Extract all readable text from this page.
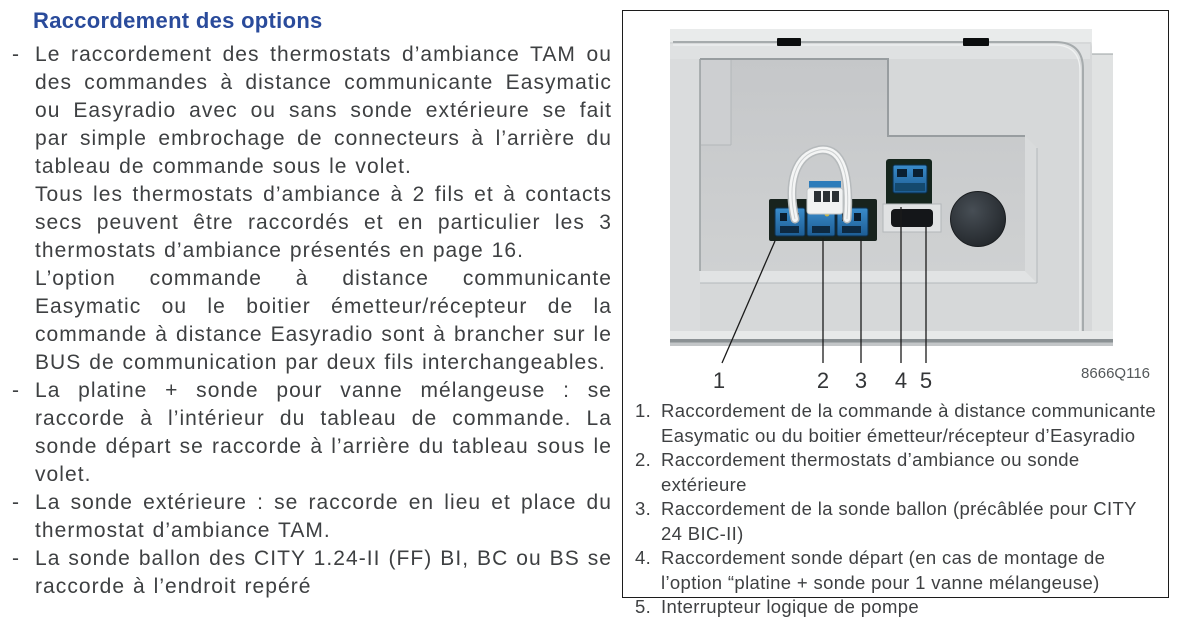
Raccordement des options

- Le raccordement des thermostats d’ambiance TAM ou des commandes à distance communicante Easymatic ou Easyradio avec ou sans sonde extérieure se fait par simple embrochage de connecteurs à l’arrière du tableau de commande sous le volet.

Tous les thermostats d’ambiance à 2 fils et à contacts secs peuvent être raccordés et en particulier les 3 thermostats d’ambiance présentés en page 16.

L’option commande à distance communicante Easymatic ou le boitier émetteur/récepteur de la commande à distance Easyradio sont à brancher sur le BUS de communication par deux fils interchangeables.

- La platine + sonde pour vanne mélangeuse : se raccorde à l’intérieur du tableau de commande. La sonde départ se raccorde à l’arrière du tableau sous le volet.

- La sonde extérieure : se raccorde en lieu et place du thermostat d’ambiance TAM.

- La sonde ballon des CITY 1.24-II (FF) BI, BC ou BS se raccorde à l’endroit repéré

1	2 3 4 5	8666Q116
1. Raccordement de la commande à distance communicante Easymatic ou du boitier émetteur/récepteur d’Easyradio
2. Raccordement thermostats d’ambiance ou sonde extérieure
3. Raccordement de la sonde ballon (précâblée pour CITY 24 BIC-II)
4. Raccordement sonde départ (en cas de montage de l’option “platine + sonde pour 1 vanne mélangeuse)
5. Interrupteur logique de pompe
